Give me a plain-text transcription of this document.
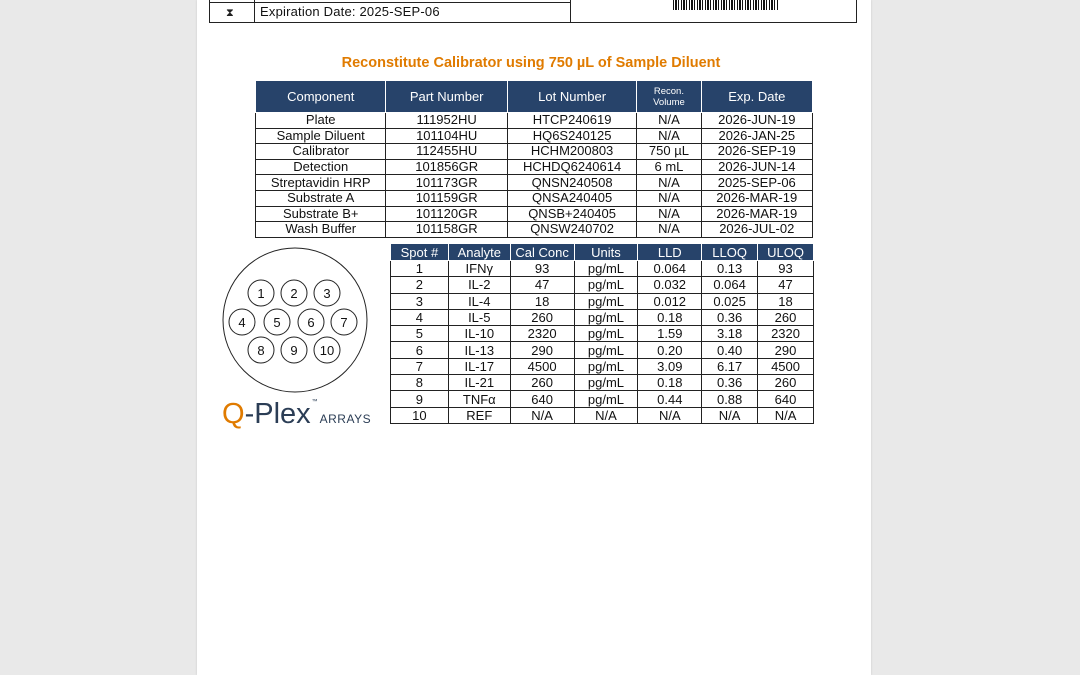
⧗ Expiration Date: 2025-SEP-06
Reconstitute Calibrator using 750 µL of Sample Diluent
Component	Part Number	Lot Number	Recon. Volume	Exp. Date
Plate	111952HU	HTCP240619	N/A	2026-JUN-19
Sample Diluent	101104HU	HQ6S240125	N/A	2026-JAN-25
Calibrator	112455HU	HCHM200803	750 µL	2026-SEP-19
Detection	101856GR	HCHDQ6240614	6 mL	2026-JUN-14
Streptavidin HRP	101173GR	QNSN240508	N/A	2025-SEP-06
Substrate A	101159GR	QNSA240405	N/A	2026-MAR-19
Substrate B+	101120GR	QNSB+240405	N/A	2026-MAR-19
Wash Buffer	101158GR	QNSW240702	N/A	2026-JUL-02
1 2 3
4 5 6 7
8 9 10
Q-Plex™ARRAYS
Spot #	Analyte	Cal Conc	Units	LLD	LLOQ	ULOQ
1	IFNγ	93	pg/mL	0.064	0.13	93
2	IL-2	47	pg/mL	0.032	0.064	47
3	IL-4	18	pg/mL	0.012	0.025	18
4	IL-5	260	pg/mL	0.18	0.36	260
5	IL-10	2320	pg/mL	1.59	3.18	2320
6	IL-13	290	pg/mL	0.20	0.40	290
7	IL-17	4500	pg/mL	3.09	6.17	4500
8	IL-21	260	pg/mL	0.18	0.36	260
9	TNFα	640	pg/mL	0.44	0.88	640
10	REF	N/A	N/A	N/A	N/A	N/A
